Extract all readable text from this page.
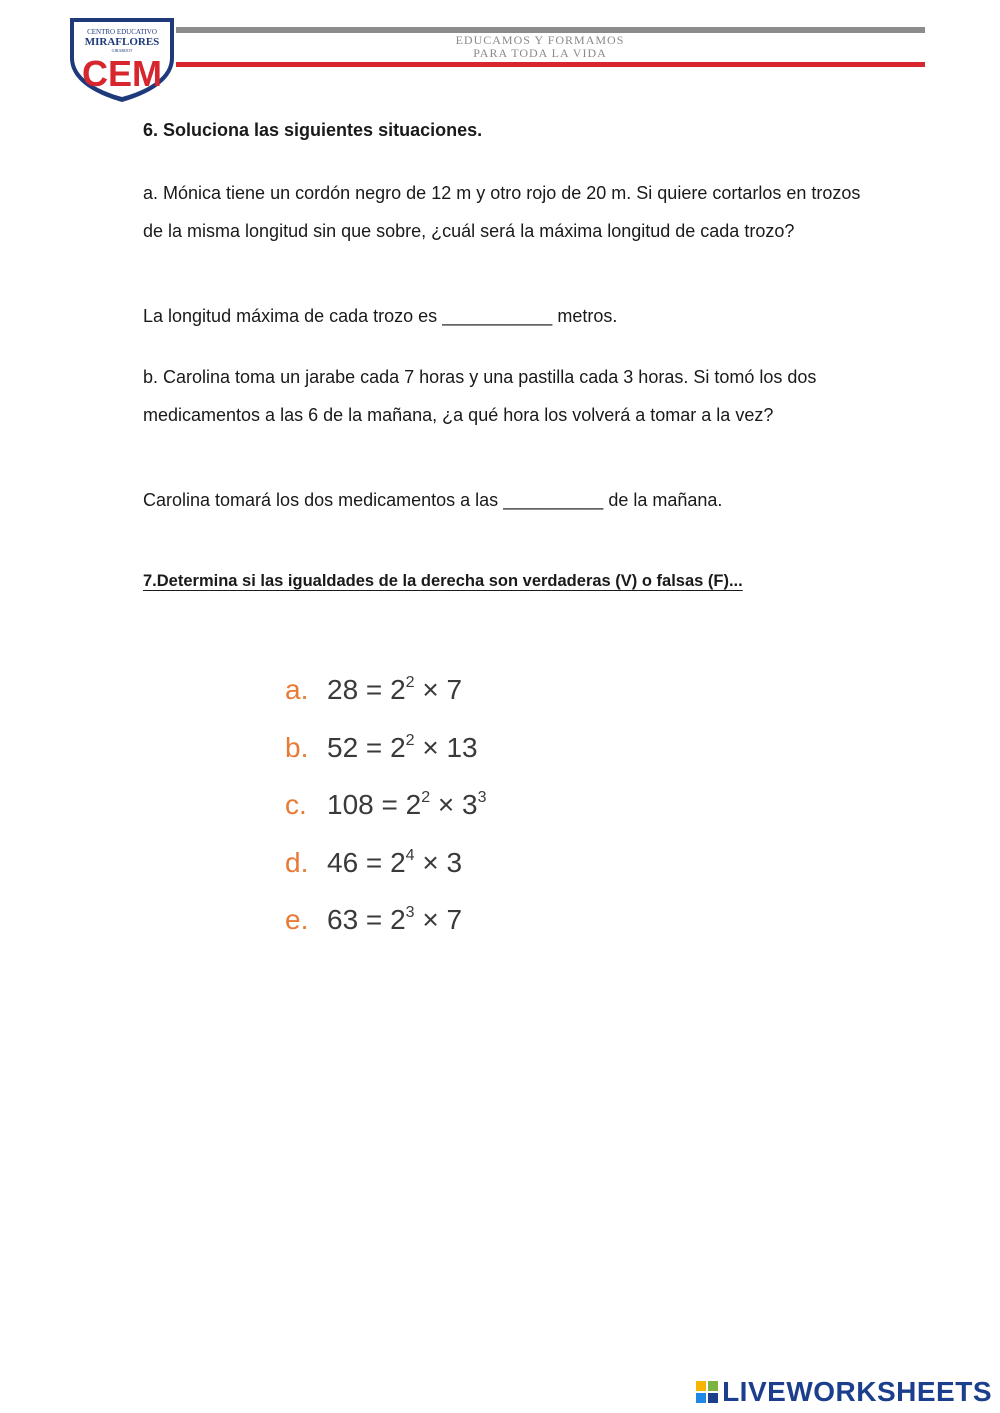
CENTRO EDUCATIVO
MIRAFLORES
GIRARDOT
CEM
EDUCAMOS Y FORMAMOS
PARA TODA LA VIDA

6. Soluciona las siguientes situaciones.

a. Mónica tiene un cordón negro de 12 m y otro rojo de 20 m. Si quiere cortarlos en trozos de la misma longitud sin que sobre, ¿cuál será la máxima longitud de cada trozo?

La longitud máxima de cada trozo es ___________ metros.

b. Carolina toma un jarabe cada 7 horas y una pastilla cada 3 horas. Si tomó los dos medicamentos a las 6 de la mañana, ¿a qué hora los volverá a tomar a la vez?

Carolina tomará los dos medicamentos a las __________ de la mañana.

7.Determina si las igualdades de la derecha son verdaderas (V) o falsas (F)...

a. $28 = 2^2 \times 7$
b. $52 = 2^2 \times 13$
c. $108 = 2^2 \times 3^3$
d. $46 = 2^4 \times 3$
e. $63 = 2^3 \times 7$
LIVEWORKSHEETS
